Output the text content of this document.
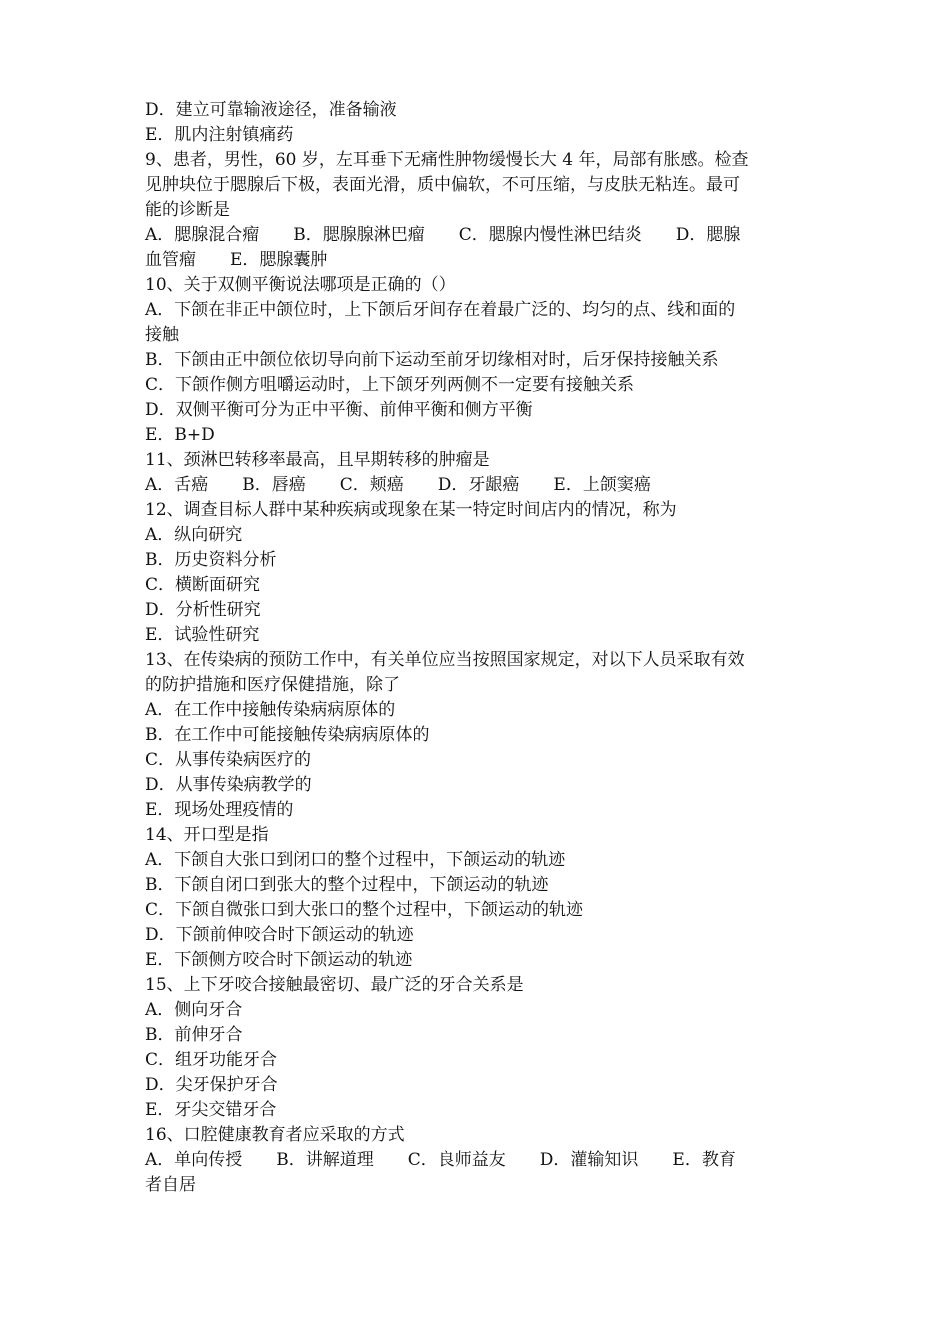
D．建立可靠输液途径，准备输液
E．肌内注射镇痛药
9、患者，男性，60 岁，左耳垂下无痛性肿物缓慢长大 4 年，局部有胀感。检查
见肿块位于腮腺后下极，表面光滑，质中偏软，不可压缩，与皮肤无粘连。最可
能的诊断是
A．腮腺混合瘤　　B．腮腺腺淋巴瘤　　C．腮腺内慢性淋巴结炎　　D．腮腺
血管瘤　　E．腮腺囊肿
10、关于双侧平衡说法哪项是正确的（）
A．下颌在非正中颌位时，上下颌后牙间存在着最广泛的、均匀的点、线和面的
接触
B．下颌由正中颌位依切导向前下运动至前牙切缘相对时，后牙保持接触关系
C．下颌作侧方咀嚼运动时，上下颌牙列两侧不一定要有接触关系
D．双侧平衡可分为正中平衡、前伸平衡和侧方平衡
E．B+D
11、颈淋巴转移率最高，且早期转移的肿瘤是
A．舌癌　　B．唇癌　　C．颊癌　　D．牙龈癌　　E．上颌窦癌
12、调查目标人群中某种疾病或现象在某一特定时间店内的情况，称为
A．纵向研究
B．历史资料分析
C．横断面研究
D．分析性研究
E．试验性研究
13、在传染病的预防工作中，有关单位应当按照国家规定，对以下人员采取有效
的防护措施和医疗保健措施，除了
A．在工作中接触传染病病原体的
B．在工作中可能接触传染病病原体的
C．从事传染病医疗的
D．从事传染病教学的
E．现场处理疫情的
14、开口型是指
A．下颌自大张口到闭口的整个过程中，下颌运动的轨迹
B．下颌自闭口到张大的整个过程中，下颌运动的轨迹
C．下颌自微张口到大张口的整个过程中，下颌运动的轨迹
D．下颌前伸咬合时下颌运动的轨迹
E．下颌侧方咬合时下颌运动的轨迹
15、上下牙咬合接触最密切、最广泛的牙合关系是
A．侧向牙合
B．前伸牙合
C．组牙功能牙合
D．尖牙保护牙合
E．牙尖交错牙合
16、口腔健康教育者应采取的方式
A．单向传授　　B．讲解道理　　C．良师益友　　D．灌输知识　　E．教育
者自居
